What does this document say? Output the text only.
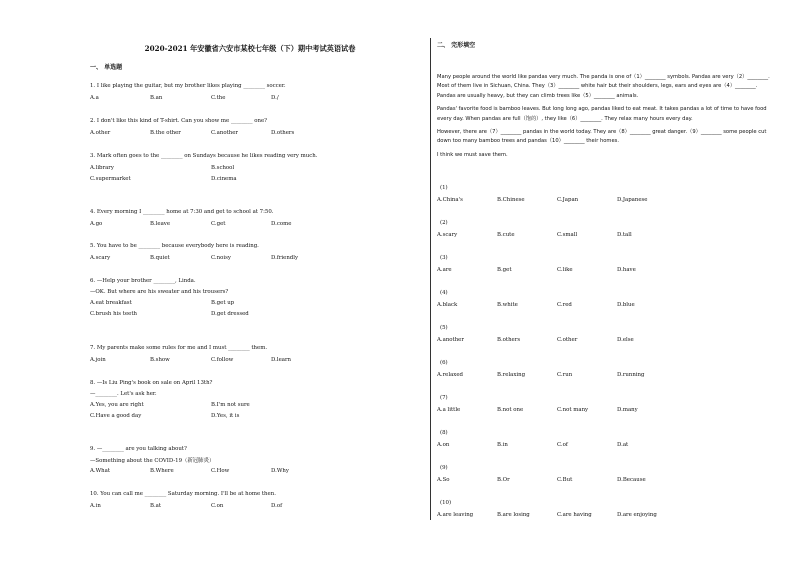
2020-2021 年安徽省六安市某校七年级（下）期中考试英语试卷
一、 单选题
1. I like playing the guitar, but my brother likes playing ________ soccer.
A.a	B.an	C.the	D./
2. I don't like this kind of T-shirt. Can you show me ________ one?
A.other	B.the other	C.another	D.others
3. Mark often goes to the ________ on Sundays because he likes reading very much.
A.library	B.school
C.supermarket	D.cinema
4. Every morning I ________ home at 7:30 and get to school at 7:50.
A.go	B.leave	C.get	D.come
5. You have to be ________ because everybody here is reading.
A.scary	B.quiet	C.noisy	D.friendly
6. —Help your brother ________, Linda.
—OK. But where are his sweater and his trousers?
A.eat breakfast	B.get up
C.brush his teeth	D.get dressed
7. My parents make some rules for me and I must ________ them.
A.join	B.show	C.follow	D.learn
8. —Is Liu Ping's book on sale on April 13th?
—________. Let's ask her.
A.Yes, you are right	B.I'm not sure
C.Have a good day	D.Yes, it is
9. —________ are you talking about?
—Something about the COVID-19（新冠肺炎）
A.What	B.Where	C.How	D.Why
10. You can call me ________ Saturday morning. I'll be at home then.
A.in	B.at	C.on	D.of
二、 完形填空

Many people around the world like pandas very much. The panda is one of（1）________ symbols. Pandas are very（2）________. Most of them live in Sichuan, China. They（3）________ white hair but their shoulders, legs, ears and eyes are（4）________. Pandas are usually heavy, but they can climb trees like（5）________ animals.

Pandas' favorite food is bamboo leaves. But long long ago, pandas liked to eat meat. It takes pandas a lot of time to have food every day. When pandas are full（饱的）, they like（6）________. They relax many hours every day.

However, there are（7）________ pandas in the world today. They are（8）________ great danger.（9）________ some people cut down too many bamboo trees and pandas（10）________ their homes.

I think we must save them.

(1)
A.China's	B.Chinese	C.Japan	D.Japanese
(2)
A.scary	B.cute	C.small	D.tall
(3)
A.are	B.get	C.like	D.have
(4)
A.black	B.white	C.red	D.blue
(5)
A.another	B.others	C.other	D.else
(6)
A.relaxed	B.relaxing	C.run	D.running
(7)
A.a little	B.not one	C.not many	D.many
(8)
A.on	B.in	C.of	D.at
(9)
A.So	B.Or	C.But	D.Because
(10)
A.are leaving	B.are losing	C.are having	D.are enjoying
